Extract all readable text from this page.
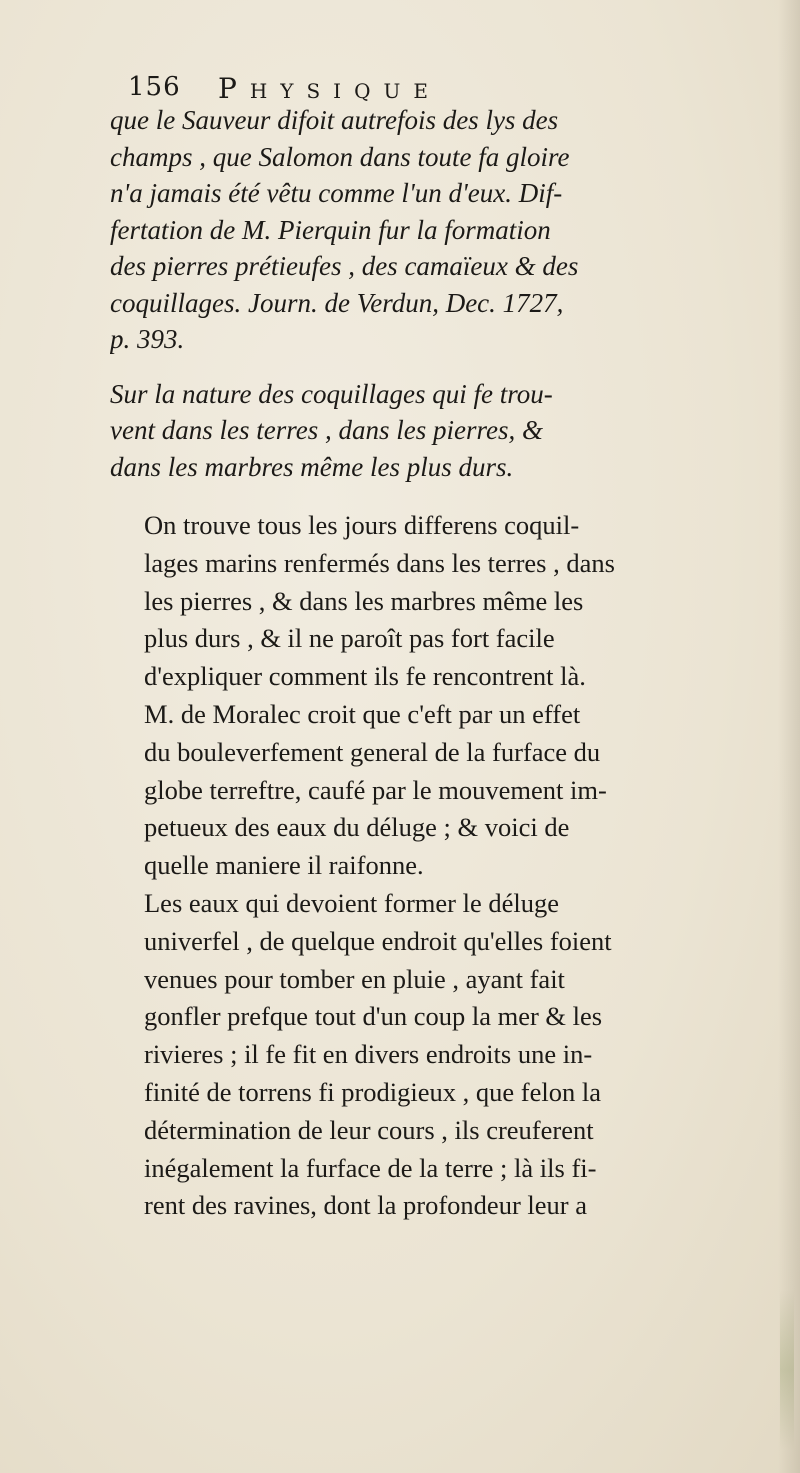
156 Physique

que le Sauveur difoit autrefois des lys des
champs , que Salomon dans toute fa gloire
n'a jamais été vêtu comme l'un d'eux. Dif-
fertation de M. Pierquin fur la formation
des pierres prétieufes , des camaïeux & des
coquillages. Journ. de Verdun, Dec. 1727,
p. 393.

Sur la nature des coquillages qui fe trou-
vent dans les terres , dans les pierres, &
dans les marbres même les plus durs.

On trouve tous les jours differens coquil-
lages marins renfermés dans les terres , dans
les pierres , & dans les marbres même les
plus durs , & il ne paroît pas fort facile
d'expliquer comment ils fe rencontrent là.
M. de Moralec croit que c'eft par un effet
du bouleverfement general de la furface du
globe terreftre, caufé par le mouvement im-
petueux des eaux du déluge ; & voici de
quelle maniere il raifonne.

Les eaux qui devoient former le déluge
univerfel , de quelque endroit qu'elles foient
venues pour tomber en pluie , ayant fait
gonfler prefque tout d'un coup la mer & les
rivieres ; il fe fit en divers endroits une in-
finité de torrens fi prodigieux , que felon la
détermination de leur cours , ils creuferent
inégalement la furface de la terre ; là ils fi-
rent des ravines, dont la profondeur leur a
